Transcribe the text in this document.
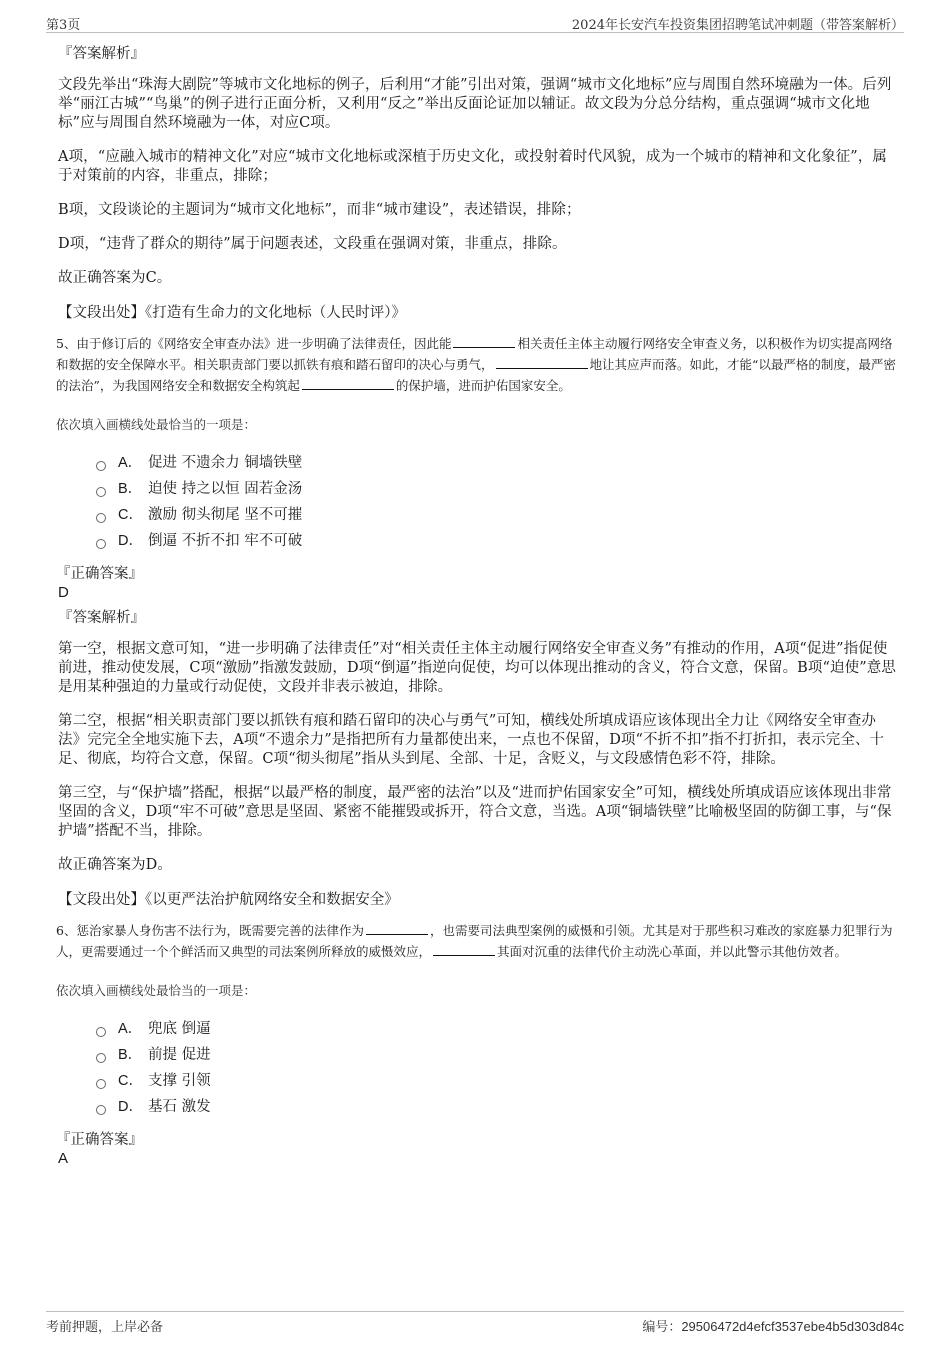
第3页	2024年长安汽车投资集团招聘笔试冲刺题（带答案解析）
『答案解析』

文段先举出“珠海大剧院”等城市文化地标的例子，后利用“才能”引出对策，强调“城市文化地标”应与周围自然环境融为一体。后列举“丽江古城”“鸟巢”的例子进行正面分析，又利用“反之”举出反面论证加以辅证。故文段为分总分结构，重点强调“城市文化地标”应与周围自然环境融为一体，对应C项。

A项，“应融入城市的精神文化”对应“城市文化地标或深植于历史文化，或投射着时代风貌，成为一个城市的精神和文化象征”，属于对策前的内容，非重点，排除；

B项，文段谈论的主题词为“城市文化地标”，而非“城市建设”，表述错误，排除；

D项，“违背了群众的期待”属于问题表述，文段重在强调对策，非重点，排除。

故正确答案为C。

【文段出处】《打造有生命力的文化地标（人民时评）》

5、由于修订后的《网络安全审查办法》进一步明确了法律责任，因此能	相关责任主体主动履行网络安全审查义务，以积极作为切实提高网络和数据的安全保障水平。相关职责部门要以抓铁有痕和踏石留印的决心与勇气，	地让其应声而落。如此，才能“以最严格的制度，最严密的法治”，为我国网络安全和数据安全构筑起	的保护墙，进而护佑国家安全。

依次填入画横线处最恰当的一项是：

A． 促进 不遗余力 铜墙铁壁
B． 迫使 持之以恒 固若金汤
C． 激励 彻头彻尾 坚不可摧
D． 倒逼 不折不扣 牢不可破
『正确答案』
D
『答案解析』

第一空，根据文意可知，“进一步明确了法律责任”对“相关责任主体主动履行网络安全审查义务”有推动的作用，A项“促进”指促使前进，推动使发展，C项“激励”指激发鼓励，D项“倒逼”指逆向促使，均可以体现出推动的含义，符合文意，保留。B项“迫使”意思是用某种强迫的力量或行动促使，文段并非表示被迫，排除。

第二空，根据“相关职责部门要以抓铁有痕和踏石留印的决心与勇气”可知，横线处所填成语应该体现出全力让《网络安全审查办法》完完全全地实施下去，A项“不遗余力”是指把所有力量都使出来，一点也不保留，D项“不折不扣”指不打折扣，表示完全、十足、彻底，均符合文意，保留。C项“彻头彻尾”指从头到尾、全部、十足，含贬义，与文段感情色彩不符，排除。

第三空，与“保护墙”搭配，根据“以最严格的制度，最严密的法治”以及“进而护佑国家安全”可知，横线处所填成语应该体现出非常坚固的含义，D项“牢不可破”意思是坚固、紧密不能摧毁或拆开，符合文意，当选。A项“铜墙铁壁”比喻极坚固的防御工事，与“保护墙”搭配不当，排除。

故正确答案为D。

【文段出处】《以更严法治护航网络安全和数据安全》

6、惩治家暴人身伤害不法行为，既需要完善的法律作为	，也需要司法典型案例的威慑和引领。尤其是对于那些积习难改的家庭暴力犯罪行为人，更需要通过一个个鲜活而又典型的司法案例所释放的威慑效应，	其面对沉重的法律代价主动洗心革面，并以此警示其他仿效者。

依次填入画横线处最恰当的一项是：

A． 兜底 倒逼
B． 前提 促进
C． 支撑 引领
D． 基石 激发
『正确答案』
A
考前押题，上岸必备	编号：29506472d4efcf3537ebe4b5d303d84c
